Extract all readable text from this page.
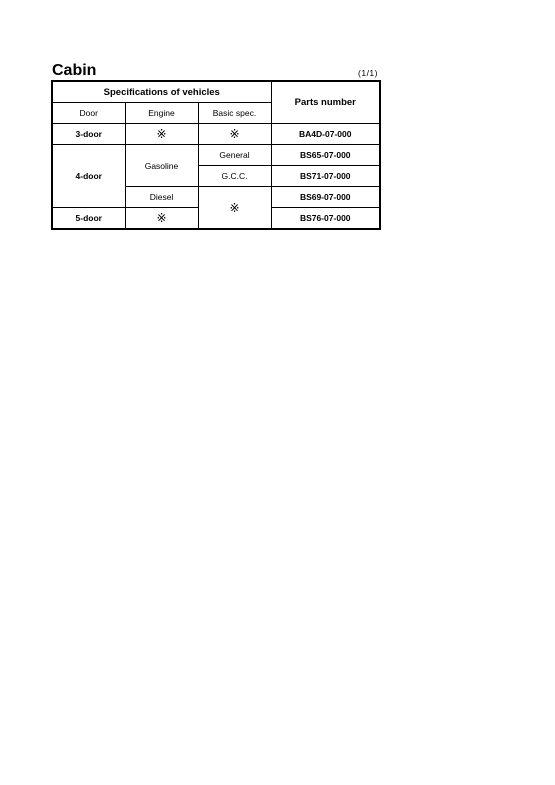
Cabin	(1/1)
Specifications of vehicles			Parts number
Door	Engine	Basic spec.	
3-door	※	※	BA4D-07-000
4-door	Gasoline	General	BS65-07-000
		G.C.C.	BS71-07-000
	Diesel	※	BS69-07-000
5-door	※		BS76-07-000
